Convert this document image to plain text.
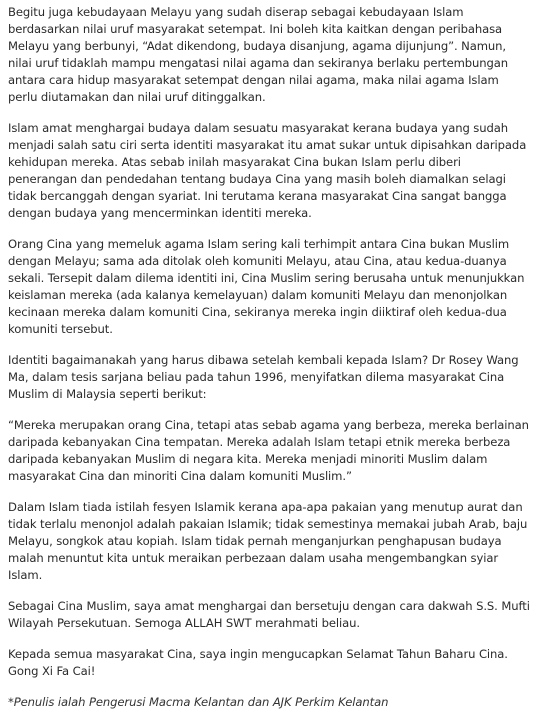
Begitu juga kebudayaan Melayu yang sudah diserap sebagai kebudayaan Islam berdasarkan nilai uruf masyarakat setempat. Ini boleh kita kaitkan dengan peribahasa Melayu yang berbunyi, “Adat dikendong, budaya disanjung, agama dijunjung”. Namun, nilai uruf tidaklah mampu mengatasi nilai agama dan sekiranya berlaku pertembungan antara cara hidup masyarakat setempat dengan nilai agama, maka nilai agama Islam perlu diutamakan dan nilai uruf ditinggalkan.

Islam amat menghargai budaya dalam sesuatu masyarakat kerana budaya yang sudah menjadi salah satu ciri serta identiti masyarakat itu amat sukar untuk dipisahkan daripada kehidupan mereka. Atas sebab inilah masyarakat Cina bukan Islam perlu diberi penerangan dan pendedahan tentang budaya Cina yang masih boleh diamalkan selagi tidak bercanggah dengan syariat. Ini terutama kerana masyarakat Cina sangat bangga dengan budaya yang mencerminkan identiti mereka.

Orang Cina yang memeluk agama Islam sering kali terhimpit antara Cina bukan Muslim dengan Melayu; sama ada ditolak oleh komuniti Melayu, atau Cina, atau kedua-duanya sekali. Tersepit dalam dilema identiti ini, Cina Muslim sering berusaha untuk menunjukkan keislaman mereka (ada kalanya kemelayuan) dalam komuniti Melayu dan menonjolkan kecinaan mereka dalam komuniti Cina, sekiranya mereka ingin diiktiraf oleh kedua-dua komuniti tersebut.

Identiti bagaimanakah yang harus dibawa setelah kembali kepada Islam? Dr Rosey Wang Ma, dalam tesis sarjana beliau pada tahun 1996, menyifatkan dilema masyarakat Cina Muslim di Malaysia seperti berikut:

“Mereka merupakan orang Cina, tetapi atas sebab agama yang berbeza, mereka berlainan daripada kebanyakan Cina tempatan. Mereka adalah Islam tetapi etnik mereka berbeza daripada kebanyakan Muslim di negara kita. Mereka menjadi minoriti Muslim dalam masyarakat Cina dan minoriti Cina dalam komuniti Muslim.”

Dalam Islam tiada istilah fesyen Islamik kerana apa-apa pakaian yang menutup aurat dan tidak terlalu menonjol adalah pakaian Islamik; tidak semestinya memakai jubah Arab, baju Melayu, songkok atau kopiah. Islam tidak pernah menganjurkan penghapusan budaya malah menuntut kita untuk meraikan perbezaan dalam usaha mengembangkan syiar Islam.

Sebagai Cina Muslim, saya amat menghargai dan bersetuju dengan cara dakwah S.S. Mufti Wilayah Persekutuan. Semoga ALLAH SWT merahmati beliau.

Kepada semua masyarakat Cina, saya ingin mengucapkan Selamat Tahun Baharu Cina. Gong Xi Fa Cai!

*Penulis ialah Pengerusi Macma Kelantan dan AJK Perkim Kelantan
